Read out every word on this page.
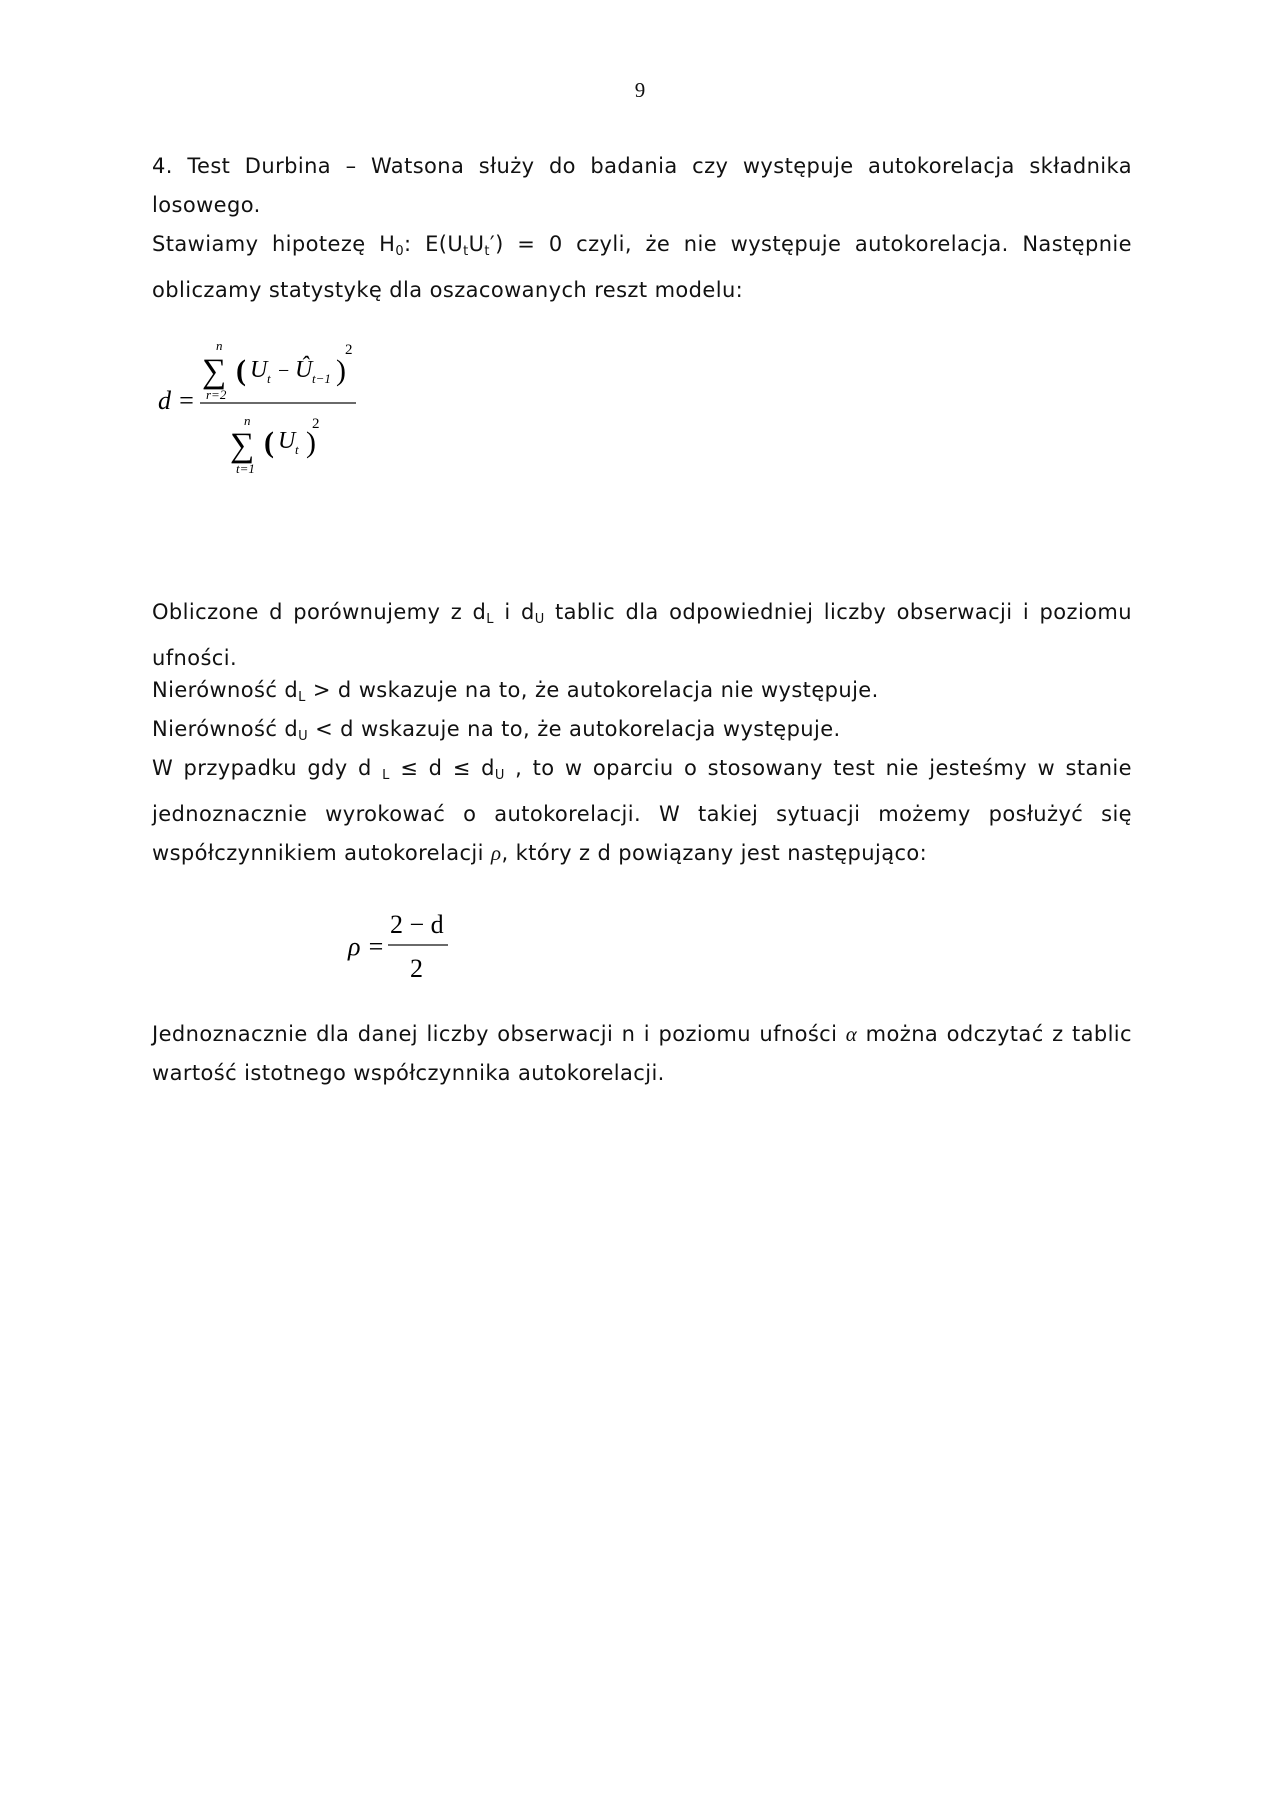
9
4. Test Durbina – Watsona służy do badania czy występuje autokorelacja składnika
losowego.
Stawiamy hipotezę $H_0$: $E(U_tU_t') = 0$ czyli, że nie występuje autokorelacja. Następnie
obliczamy statystykę dla oszacowanych reszt modelu:
d =
n
∑
r=2
( U t − Û t−1 )
2
n
∑
t=1
( U t )
2
Obliczone d porównujemy z $d_L$ i $d_U$ tablic dla odpowiedniej liczby obserwacji i poziomu
ufności.
Nierówność $d_L > d$ wskazuje na to, że autokorelacja nie występuje.
Nierówność $d_U < d$ wskazuje na to, że autokorelacja występuje.
W przypadku gdy d $_L \le d \le d_U$ , to w oparciu o stosowany test nie jesteśmy w stanie
jednoznacznie wyrokować o autokorelacji. W takiej sytuacji możemy posłużyć się
współczynnikiem autokorelacji ρ, który z d powiązany jest następująco:
ρ =
2 − d
2
Jednoznacznie dla danej liczby obserwacji n i poziomu ufności α można odczytać z tablic
wartość istotnego współczynnika autokorelacji.
